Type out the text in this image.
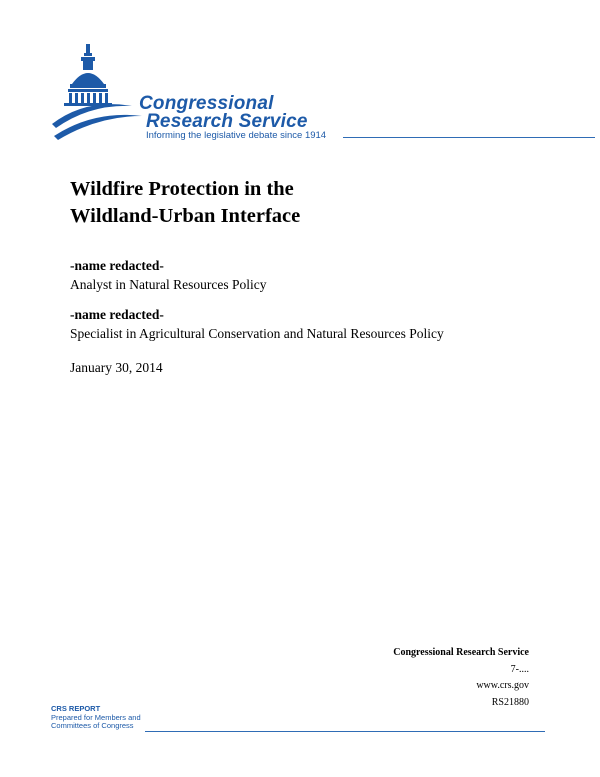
Congressional
Research Service
Informing the legislative debate since 1914
Wildfire Protection in the
Wildland-Urban Interface
-name redacted-
Analyst in Natural Resources Policy
-name redacted-
Specialist in Agricultural Conservation and Natural Resources Policy
January 30, 2014
Congressional Research Service
7-....
www.crs.gov
RS21880
CRS REPORT
Prepared for Members and
Committees of Congress
